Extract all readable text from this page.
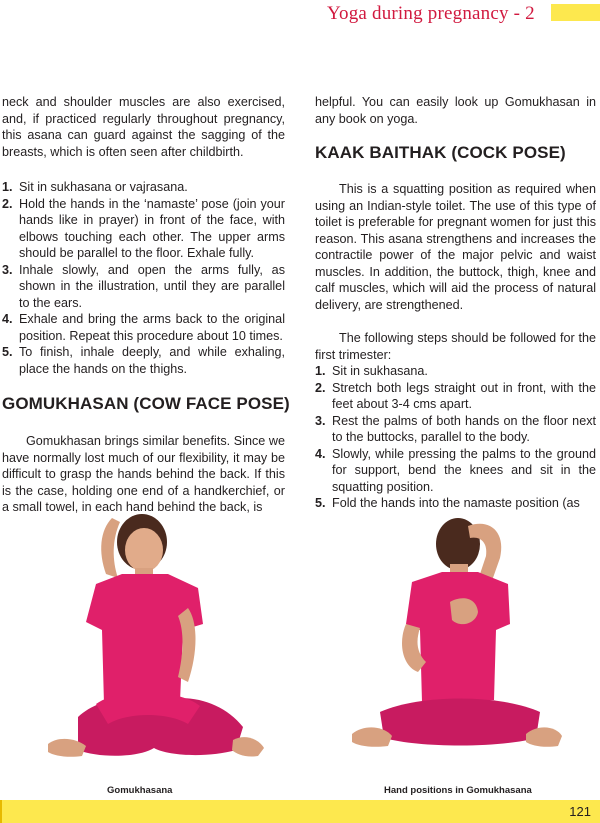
Yoga during pregnancy - 2

neck and shoulder muscles are also exercised, and, if practiced regularly throughout pregnancy, this asana can guard against the sagging of the breasts, which is often seen after childbirth.

1. Sit in sukhasana or vajrasana.
2. Hold the hands in the ‘namaste’ pose (join your hands like in prayer) in front of the face, with elbows touching each other. The upper arms should be parallel to the floor. Exhale fully.
3. Inhale slowly, and open the arms fully, as shown in the illustration, until they are parallel to the ears.
4. Exhale and bring the arms back to the original position. Repeat this procedure about 10 times.
5. To finish, inhale deeply, and while exhaling, place the hands on the thighs.
GOMUKHASAN (COW FACE POSE)

Gomukhasan brings similar benefits. Since we have normally lost much of our flexibility, it may be difficult to grasp the hands behind the back. If this is the case, holding one end of a handkerchief, or a small towel, in each hand behind the back, is

helpful. You can easily look up Gomukhasan in any book on yoga.

KAAK BAITHAK (COCK POSE)

This is a squatting position as required when using an Indian-style toilet. The use of this type of toilet is preferable for pregnant women for just this reason. This asana strengthens and increases the contractile power of the major pelvic and waist muscles. In addition, the buttock, thigh, knee and calf muscles, which will aid the process of natural delivery, are strengthened.

The following steps should be followed for the first trimester:

1. Sit in sukhasana.
2. Stretch both legs straight out in front, with the feet about 3-4 cms apart.
3. Rest the palms of both hands on the floor next to the buttocks, parallel to the body.
4. Slowly, while pressing the palms to the ground for support, bend the knees and sit in the squatting position.
5. Fold the hands into the namaste position (as
Gomukhasana	Hand positions in Gomukhasana
121
